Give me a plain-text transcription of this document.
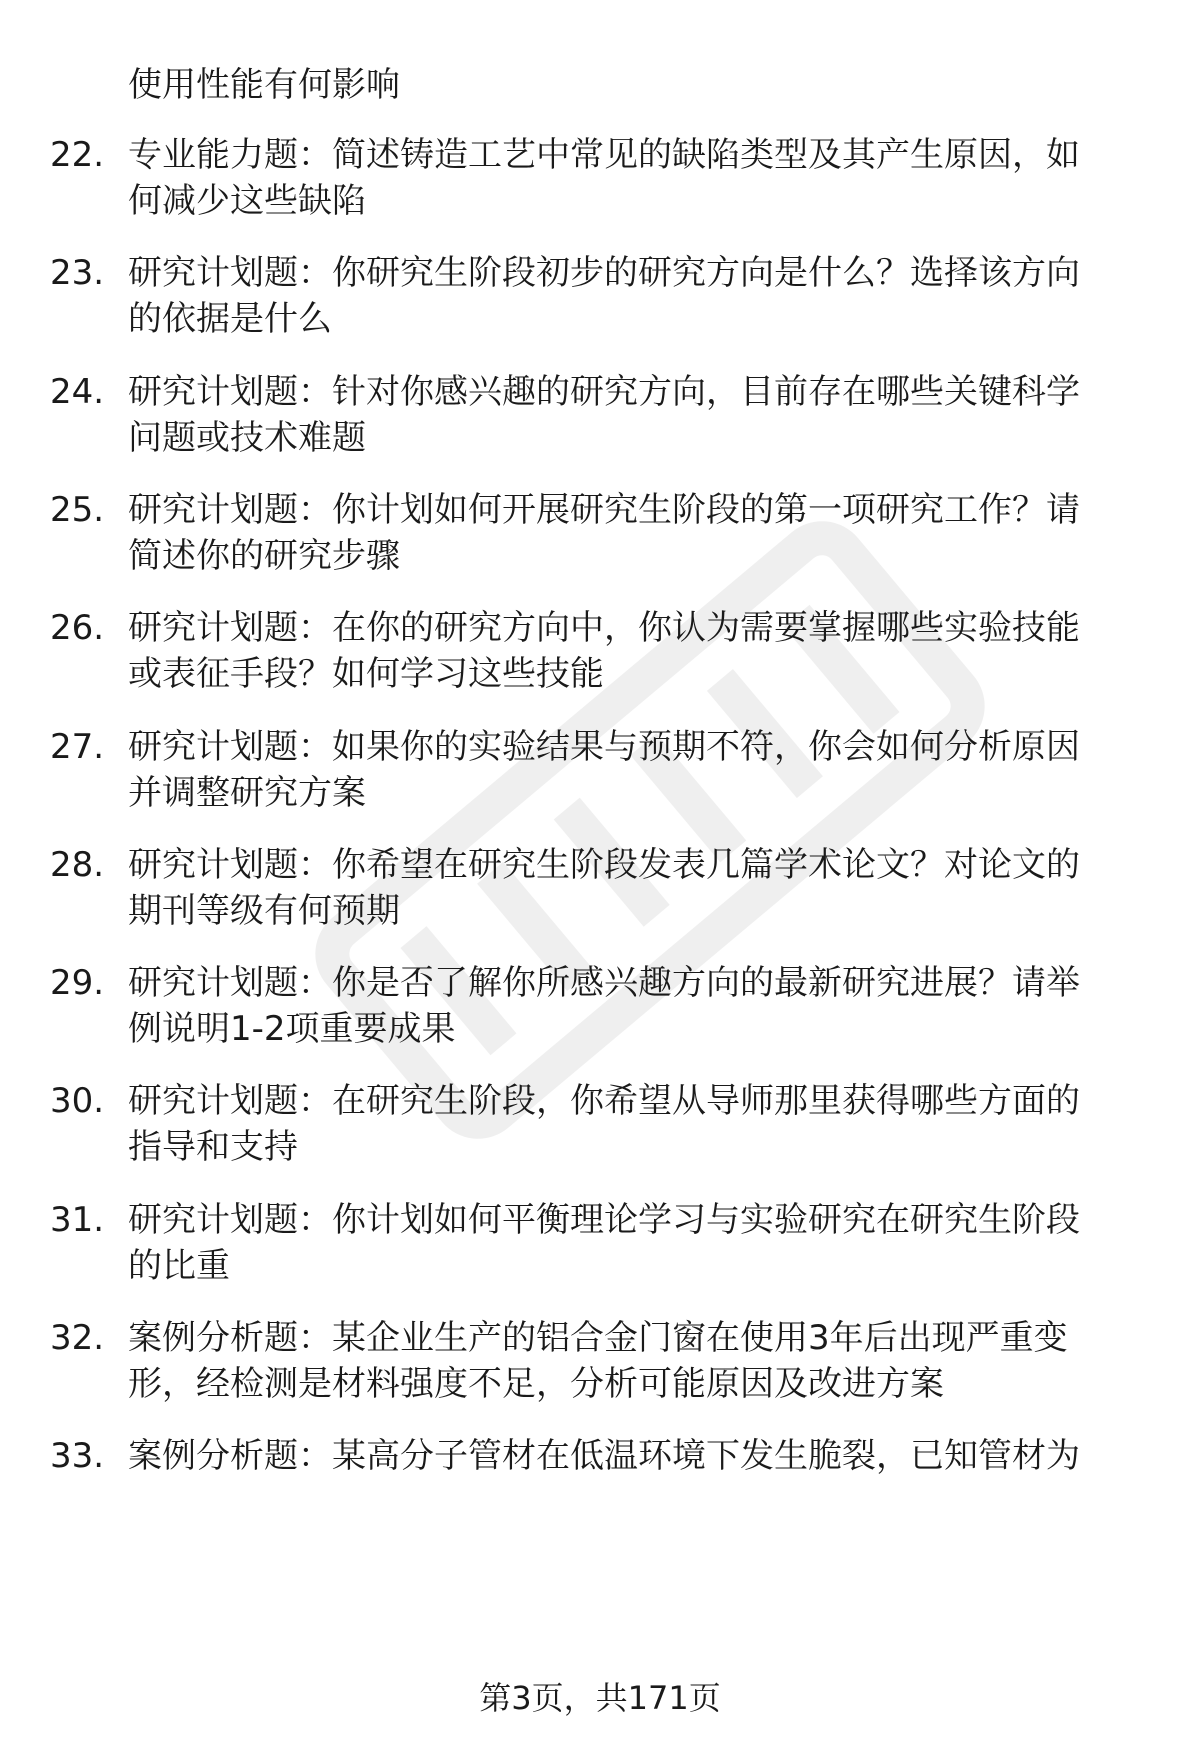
使用性能有何影响
22. 专业能力题：简述铸造工艺中常见的缺陷类型及其产生原因，如
何减少这些缺陷
23. 研究计划题：你研究生阶段初步的研究方向是什么？选择该方向
的依据是什么
24. 研究计划题：针对你感兴趣的研究方向，目前存在哪些关键科学
问题或技术难题
25. 研究计划题：你计划如何开展研究生阶段的第一项研究工作？请
简述你的研究步骤
26. 研究计划题：在你的研究方向中，你认为需要掌握哪些实验技能
或表征手段？如何学习这些技能
27. 研究计划题：如果你的实验结果与预期不符，你会如何分析原因
并调整研究方案
28. 研究计划题：你希望在研究生阶段发表几篇学术论文？对论文的
期刊等级有何预期
29. 研究计划题：你是否了解你所感兴趣方向的最新研究进展？请举
例说明1-2项重要成果
30. 研究计划题：在研究生阶段，你希望从导师那里获得哪些方面的
指导和支持
31. 研究计划题：你计划如何平衡理论学习与实验研究在研究生阶段
的比重
32. 案例分析题：某企业生产的铝合金门窗在使用3年后出现严重变
形，经检测是材料强度不足，分析可能原因及改进方案
33. 案例分析题：某高分子管材在低温环境下发生脆裂，已知管材为
第3页，共171页
